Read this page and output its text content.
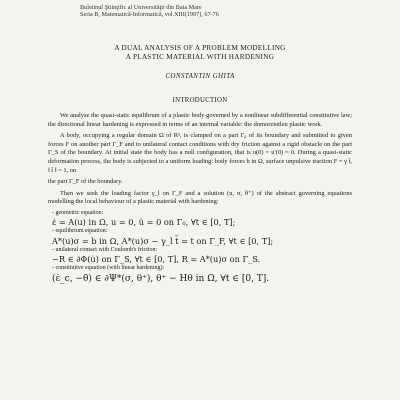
Buletinul Ştiinţific al Universităţii din Baia Mare
Seria B, Matematică-Informatică, vol.XIII(1997), 67-76
A DUAL ANALYSIS OF A PROBLEM MODELLING
A PLASTIC MATERIAL WITH HARDENING
CONSTANTIN GHITA
INTRODUCTION

We analyse the quasi-static equilibrum of a plastic body governed by a nonlinear subdifferential constitutive law; the directional linear hardening is expressed in terms of an internal variable: the domorziotleu plastic work.

A body, occupying a regular domain Ω of R³, is clamped on a part Γ₀ of its boundary and submitted to given forces F on another part Γ_F and to unilateral contact conditions with dry friction against a rigid obstacle on the part Γ_S of the boundary. At initial state the body has a null configuration, that is u(0) = u'(0) = 0. During a quasi-static deformation process, the body is subjected to a uniform loading: body forces b in Ω, surface unpulsive traction F = γ t̄, ‖ t̄ ‖ = 1, on

the part Γ_F of the boundary.

Then we seek the loading factor γ_l on Γ_F and a solution (u, σ, θ⁺) of the abstract governing equations modelling the local behaviour of a plastic material with hardening:

- geometric equation:
ε̇ = A(u) in Ω, u = 0, u̇ = 0 on Γ₀, ∀t ∈ [0, T];
- equilibrium equation:
A*(u)σ = b in Ω, A*(u)σ − γ_l t̄ = t on Γ_F, ∀t ∈ [0, T];
- unilateral contact with Coulomb's friction:
−R ∈ ∂Φ(u̇) on Γ_S, ∀t ∈ [0, T], R = A*(u)σ on Γ_S.
- constitutive equation (with linear hardening):
(ε̇_c, −θ̇) ∈ ∂Ψ*(σ, θ⁺), θ⁺ − Hθ in Ω, ∀t ∈ [0, T].
